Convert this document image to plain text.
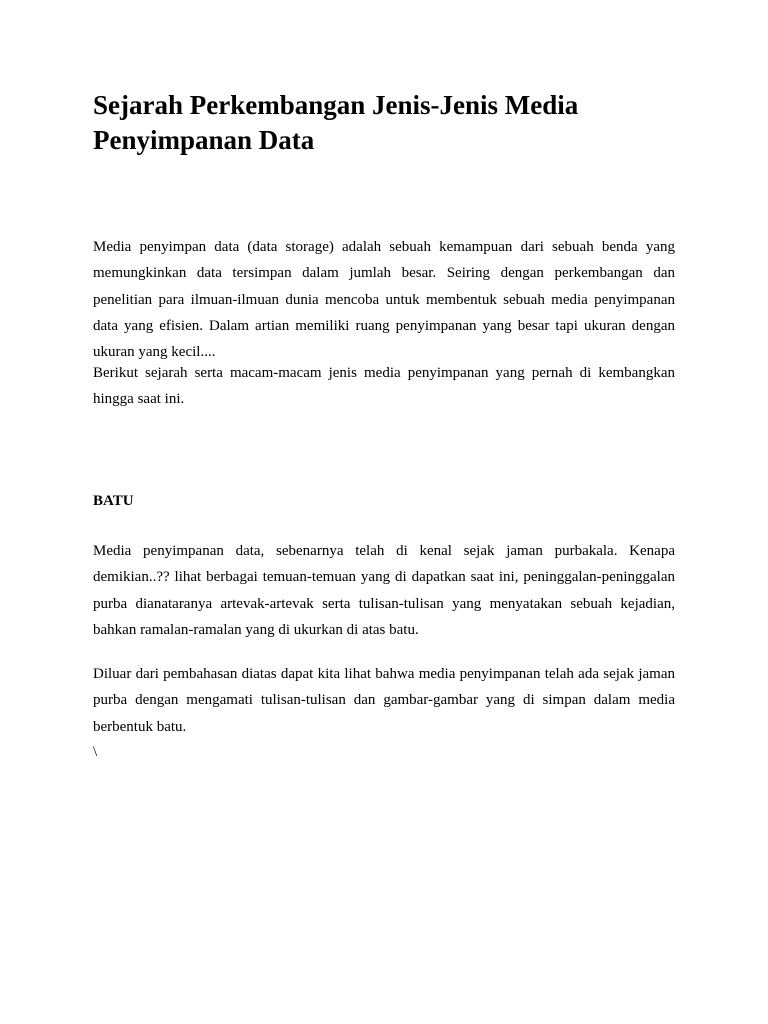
Sejarah Perkembangan Jenis-Jenis Media Penyimpanan Data

Media penyimpan data (data storage) adalah sebuah kemampuan dari sebuah benda yang memungkinkan data tersimpan dalam jumlah besar. Seiring dengan perkembangan dan penelitian para ilmuan-ilmuan dunia mencoba untuk membentuk sebuah media penyimpanan data yang efisien. Dalam artian memiliki ruang penyimpanan yang besar tapi ukuran dengan ukuran yang kecil....

Berikut sejarah serta macam-macam jenis media penyimpanan yang pernah di kembangkan hingga saat ini.

BATU

Media penyimpanan data, sebenarnya telah di kenal sejak jaman purbakala. Kenapa demikian..?? lihat berbagai temuan-temuan yang di dapatkan saat ini, peninggalan-peninggalan purba dianataranya artevak-artevak serta tulisan-tulisan yang menyatakan sebuah kejadian, bahkan ramalan-ramalan yang di ukurkan di atas batu.

Diluar dari pembahasan diatas dapat kita lihat bahwa media penyimpanan telah ada sejak jaman purba dengan mengamati tulisan-tulisan dan gambar-gambar yang di simpan dalam media berbentuk batu.

\
